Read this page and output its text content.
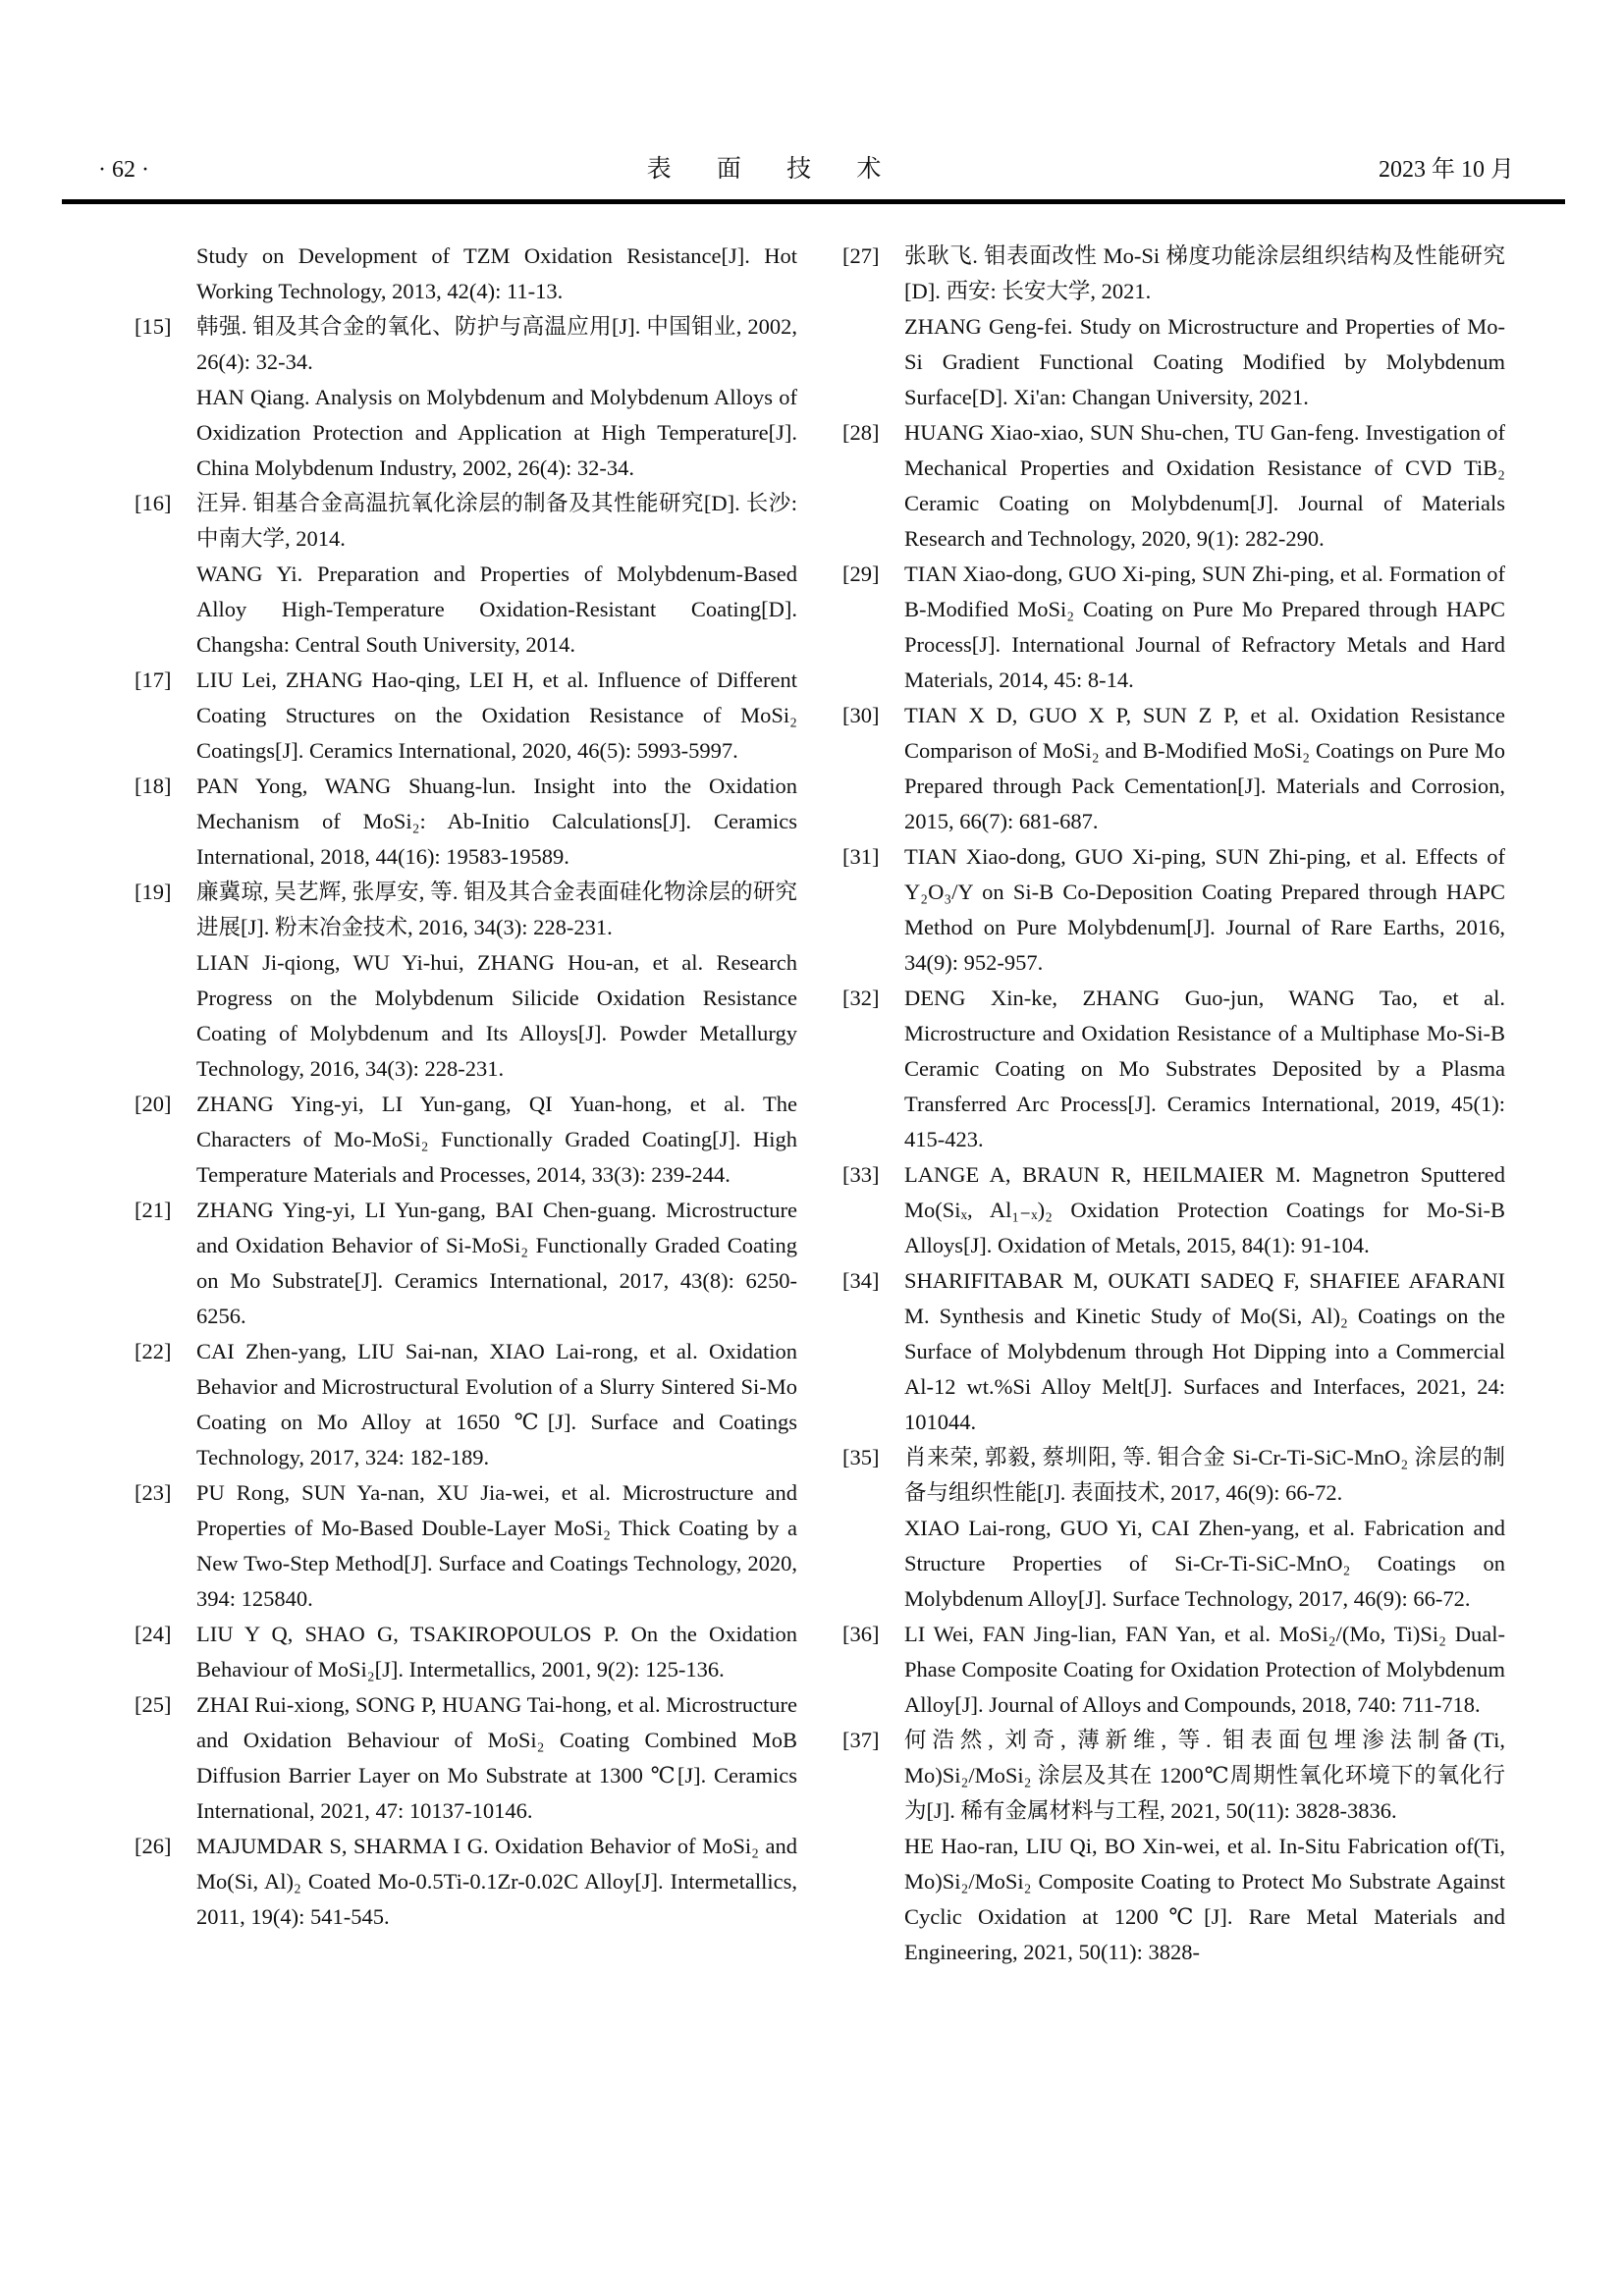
· 62 ·	表 面 技 术	2023 年 10 月

Study on Development of TZM Oxidation Resistance[J]. Hot Working Technology, 2013, 42(4): 11-13.

[15] 韩强. 钼及其合金的氧化、防护与高温应用[J]. 中国钼业, 2002, 26(4): 32-34.

HAN Qiang. Analysis on Molybdenum and Molybdenum Alloys of Oxidization Protection and Application at High Temperature[J]. China Molybdenum Industry, 2002, 26(4): 32-34.

[16] 汪异. 钼基合金高温抗氧化涂层的制备及其性能研究[D]. 长沙: 中南大学, 2014.

WANG Yi. Preparation and Properties of Molybdenum-Based Alloy High-Temperature Oxidation-Resistant Coating[D]. Changsha: Central South University, 2014.

[17] LIU Lei, ZHANG Hao-qing, LEI H, et al. Influence of Different Coating Structures on the Oxidation Resistance of MoSi₂ Coatings[J]. Ceramics International, 2020, 46(5): 5993-5997.

[18] PAN Yong, WANG Shuang-lun. Insight into the Oxidation Mechanism of MoSi₂: Ab-Initio Calculations[J]. Ceramics International, 2018, 44(16): 19583-19589.

[19] 廉冀琼, 吴艺辉, 张厚安, 等. 钼及其合金表面硅化物涂层的研究进展[J]. 粉末冶金技术, 2016, 34(3): 228-231.

LIAN Ji-qiong, WU Yi-hui, ZHANG Hou-an, et al. Research Progress on the Molybdenum Silicide Oxidation Resistance Coating of Molybdenum and Its Alloys[J]. Powder Metallurgy Technology, 2016, 34(3): 228-231.

[20] ZHANG Ying-yi, LI Yun-gang, QI Yuan-hong, et al. The Characters of Mo-MoSi₂ Functionally Graded Coating[J]. High Temperature Materials and Processes, 2014, 33(3): 239-244.

[21] ZHANG Ying-yi, LI Yun-gang, BAI Chen-guang. Microstructure and Oxidation Behavior of Si-MoSi₂ Functionally Graded Coating on Mo Substrate[J]. Ceramics International, 2017, 43(8): 6250-6256.

[22] CAI Zhen-yang, LIU Sai-nan, XIAO Lai-rong, et al. Oxidation Behavior and Microstructural Evolution of a Slurry Sintered Si-Mo Coating on Mo Alloy at 1650 ℃[J]. Surface and Coatings Technology, 2017, 324: 182-189.

[23] PU Rong, SUN Ya-nan, XU Jia-wei, et al. Microstructure and Properties of Mo-Based Double-Layer MoSi₂ Thick Coating by a New Two-Step Method[J]. Surface and Coatings Technology, 2020, 394: 125840.

[24] LIU Y Q, SHAO G, TSAKIROPOULOS P. On the Oxidation Behaviour of MoSi₂[J]. Intermetallics, 2001, 9(2): 125-136.

[25] ZHAI Rui-xiong, SONG P, HUANG Tai-hong, et al. Microstructure and Oxidation Behaviour of MoSi₂ Coating Combined MoB Diffusion Barrier Layer on Mo Substrate at 1300 ℃[J]. Ceramics International, 2021, 47: 10137-10146.

[26] MAJUMDAR S, SHARMA I G. Oxidation Behavior of MoSi₂ and Mo(Si, Al)₂ Coated Mo-0.5Ti-0.1Zr-0.02C Alloy[J]. Intermetallics, 2011, 19(4): 541-545.

[27] 张耿飞. 钼表面改性 Mo-Si 梯度功能涂层组织结构及性能研究[D]. 西安: 长安大学, 2021.

ZHANG Geng-fei. Study on Microstructure and Properties of Mo-Si Gradient Functional Coating Modified by Molybdenum Surface[D]. Xi'an: Changan University, 2021.

[28] HUANG Xiao-xiao, SUN Shu-chen, TU Gan-feng. Investigation of Mechanical Properties and Oxidation Resistance of CVD TiB₂ Ceramic Coating on Molybdenum[J]. Journal of Materials Research and Technology, 2020, 9(1): 282-290.

[29] TIAN Xiao-dong, GUO Xi-ping, SUN Zhi-ping, et al. Formation of B-Modified MoSi₂ Coating on Pure Mo Prepared through HAPC Process[J]. International Journal of Refractory Metals and Hard Materials, 2014, 45: 8-14.

[30] TIAN X D, GUO X P, SUN Z P, et al. Oxidation Resistance Comparison of MoSi₂ and B-Modified MoSi₂ Coatings on Pure Mo Prepared through Pack Cementation[J]. Materials and Corrosion, 2015, 66(7): 681-687.

[31] TIAN Xiao-dong, GUO Xi-ping, SUN Zhi-ping, et al. Effects of Y₂O₃/Y on Si-B Co-Deposition Coating Prepared through HAPC Method on Pure Molybdenum[J]. Journal of Rare Earths, 2016, 34(9): 952-957.

[32] DENG Xin-ke, ZHANG Guo-jun, WANG Tao, et al. Microstructure and Oxidation Resistance of a Multiphase Mo-Si-B Ceramic Coating on Mo Substrates Deposited by a Plasma Transferred Arc Process[J]. Ceramics International, 2019, 45(1): 415-423.

[33] LANGE A, BRAUN R, HEILMAIER M. Magnetron Sputtered Mo(Siₓ, Al₁₋ₓ)₂ Oxidation Protection Coatings for Mo-Si-B Alloys[J]. Oxidation of Metals, 2015, 84(1): 91-104.

[34] SHARIFITABAR M, OUKATI SADEQ F, SHAFIEE AFARANI M. Synthesis and Kinetic Study of Mo(Si, Al)₂ Coatings on the Surface of Molybdenum through Hot Dipping into a Commercial Al-12 wt.%Si Alloy Melt[J]. Surfaces and Interfaces, 2021, 24: 101044.

[35] 肖来荣, 郭毅, 蔡圳阳, 等. 钼合金 Si-Cr-Ti-SiC-MnO₂ 涂层的制备与组织性能[J]. 表面技术, 2017, 46(9): 66-72.

XIAO Lai-rong, GUO Yi, CAI Zhen-yang, et al. Fabrication and Structure Properties of Si-Cr-Ti-SiC-MnO₂ Coatings on Molybdenum Alloy[J]. Surface Technology, 2017, 46(9): 66-72.

[36] LI Wei, FAN Jing-lian, FAN Yan, et al. MoSi₂/(Mo, Ti)Si₂ Dual-Phase Composite Coating for Oxidation Protection of Molybdenum Alloy[J]. Journal of Alloys and Compounds, 2018, 740: 711-718.

[37] 何浩然, 刘奇, 薄新维, 等. 钼表面包埋渗法制备(Ti, Mo)Si₂/MoSi₂ 涂层及其在 1200℃周期性氧化环境下的氧化行为[J]. 稀有金属材料与工程, 2021, 50(11): 3828-3836.

HE Hao-ran, LIU Qi, BO Xin-wei, et al. In-Situ Fabrication of(Ti, Mo)Si₂/MoSi₂ Composite Coating to Protect Mo Substrate Against Cyclic Oxidation at 1200℃[J]. Rare Metal Materials and Engineering, 2021, 50(11): 3828-
